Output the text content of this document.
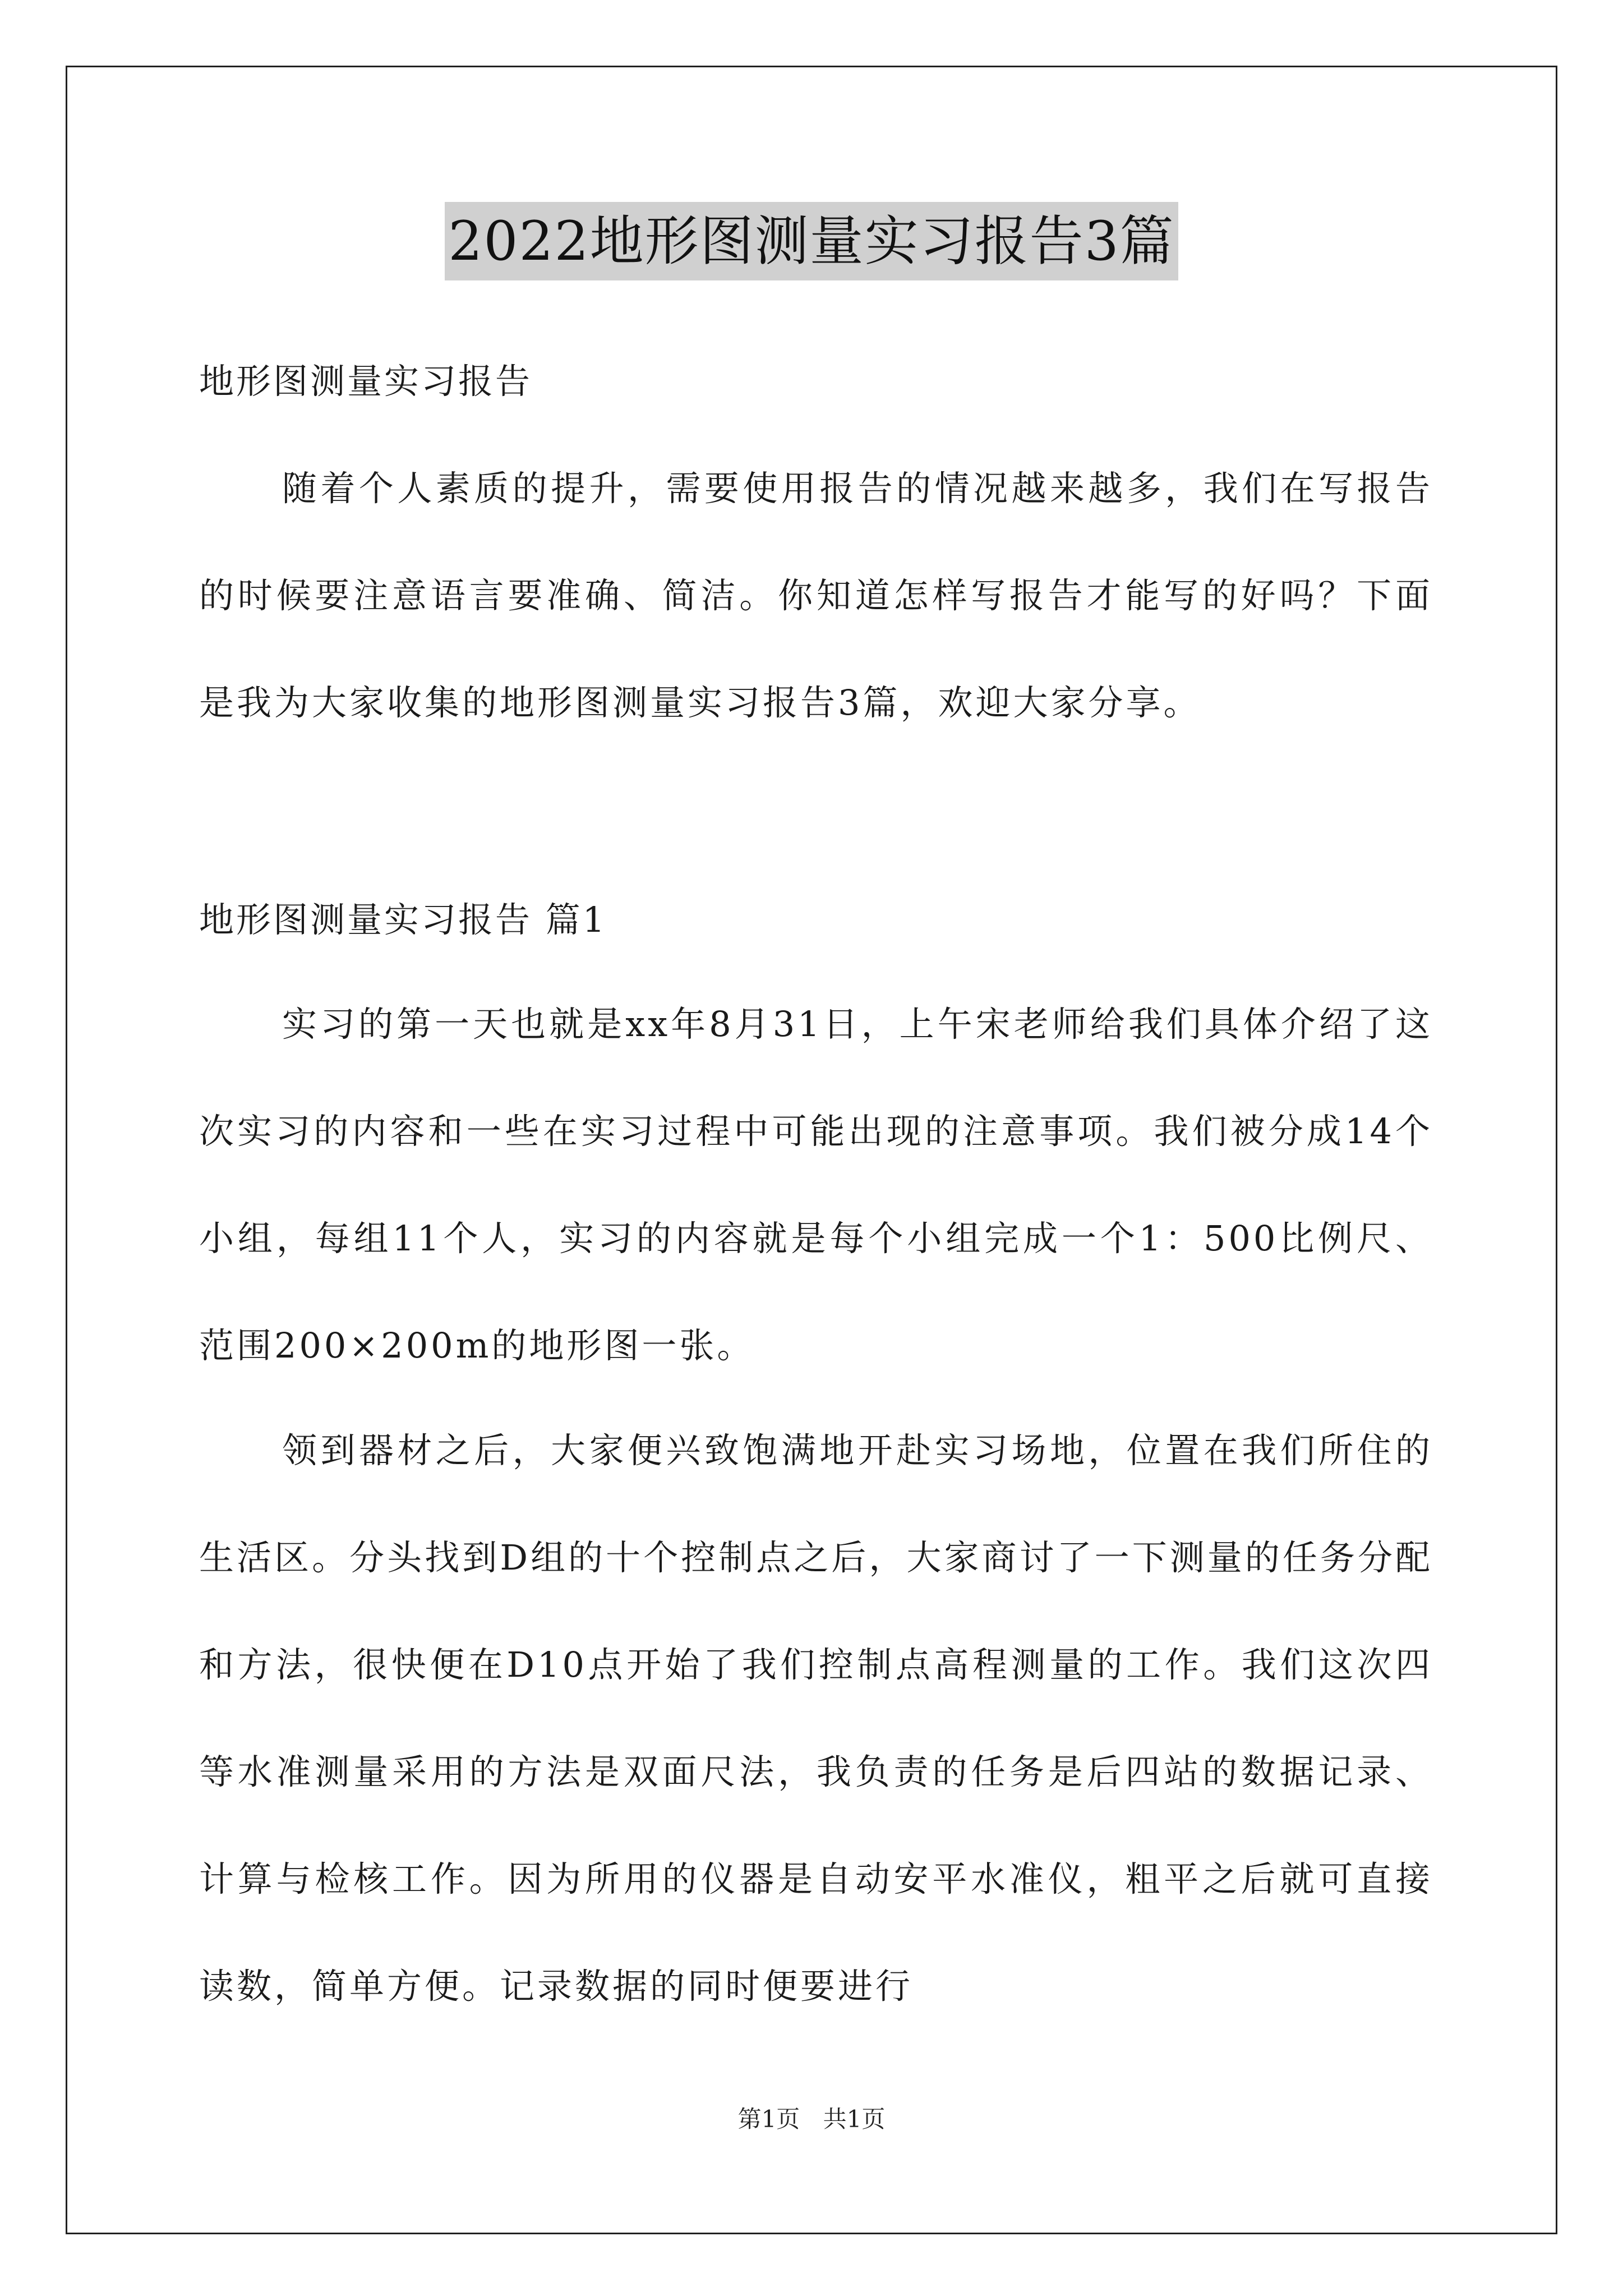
2022地形图测量实习报告3篇
地形图测量实习报告
随着个人素质的提升，需要使用报告的情况越来越多，我们在写报告的时候要注意语言要准确、简洁。你知道怎样写报告才能写的好吗？下面是我为大家收集的地形图测量实习报告3篇，欢迎大家分享。
地形图测量实习报告 篇1
实习的第一天也就是xx年8月31日，上午宋老师给我们具体介绍了这次实习的内容和一些在实习过程中可能出现的注意事项。我们被分成14个小组，每组11个人，实习的内容就是每个小组完成一个1：500比例尺、范围200×200m的地形图一张。
领到器材之后，大家便兴致饱满地开赴实习场地，位置在我们所住的生活区。分头找到D组的十个控制点之后，大家商讨了一下测量的任务分配和方法，很快便在D10点开始了我们控制点高程测量的工作。我们这次四等水准测量采用的方法是双面尺法，我负责的任务是后四站的数据记录、计算与检核工作。因为所用的仪器是自动安平水准仪，粗平之后就可直接读数，简单方便。记录数据的同时便要进行
第1页 共1页
